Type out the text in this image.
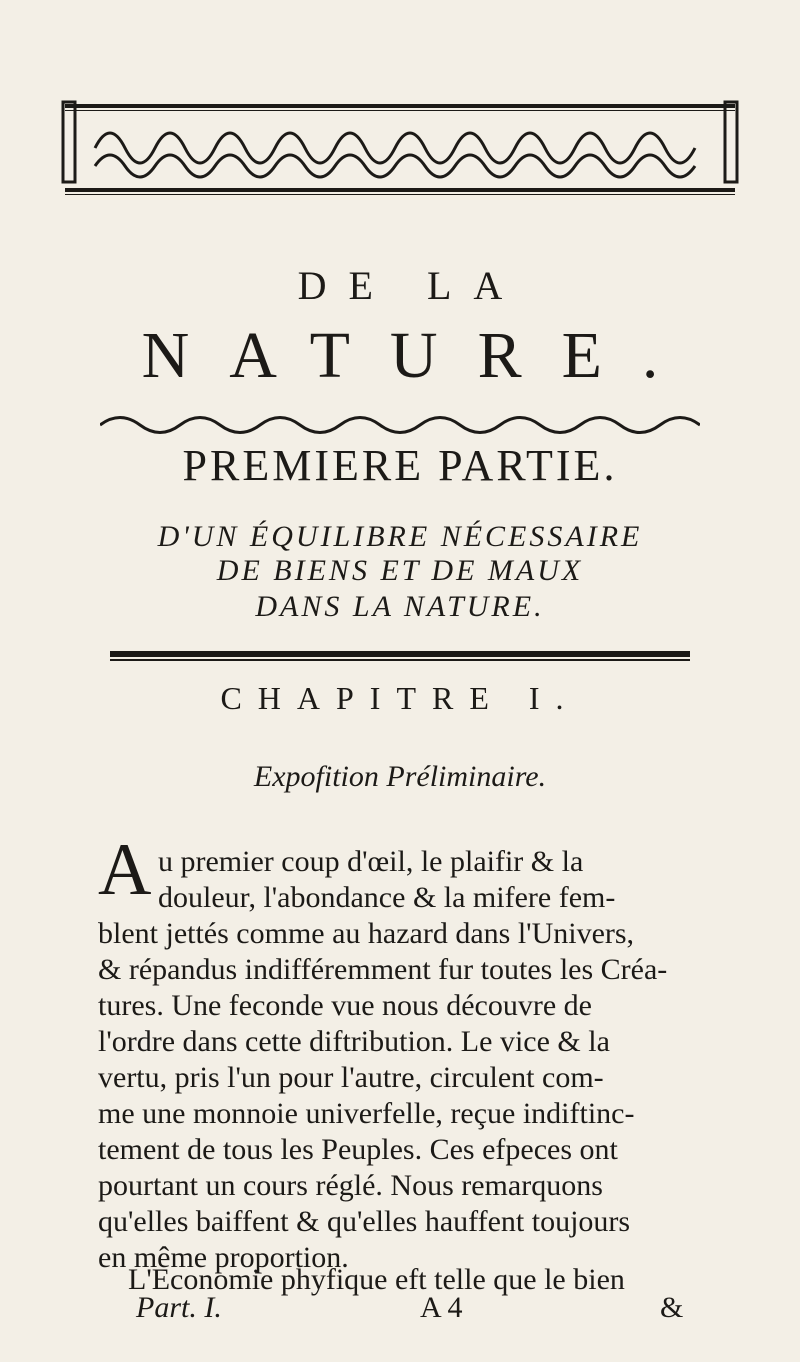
DE LA
NATURE.
PREMIERE PARTIE.
D'UN ÉQUILIBRE NÉCESSAIRE
DE BIENS ET DE MAUX
DANS LA NATURE.
CHAPITRE I.
Expofition Préliminaire.
A u premier coup d'œil, le plaifir & la
douleur, l'abondance & la mifere fem-
blent jettés comme au hazard dans l'Univers,
& répandus indifféremment fur toutes les Créa-
tures. Une feconde vue nous découvre de
l'ordre dans cette diftribution. Le vice & la
vertu, pris l'un pour l'autre, circulent com-
me une monnoie univerfelle, reçue indiftinc-
tement de tous les Peuples. Ces efpeces ont
pourtant un cours réglé. Nous remarquons
qu'elles baiffent & qu'elles hauffent toujours
en même proportion.
L'Economie phyfique eft telle que le bien
Part. I.	A 4	&
